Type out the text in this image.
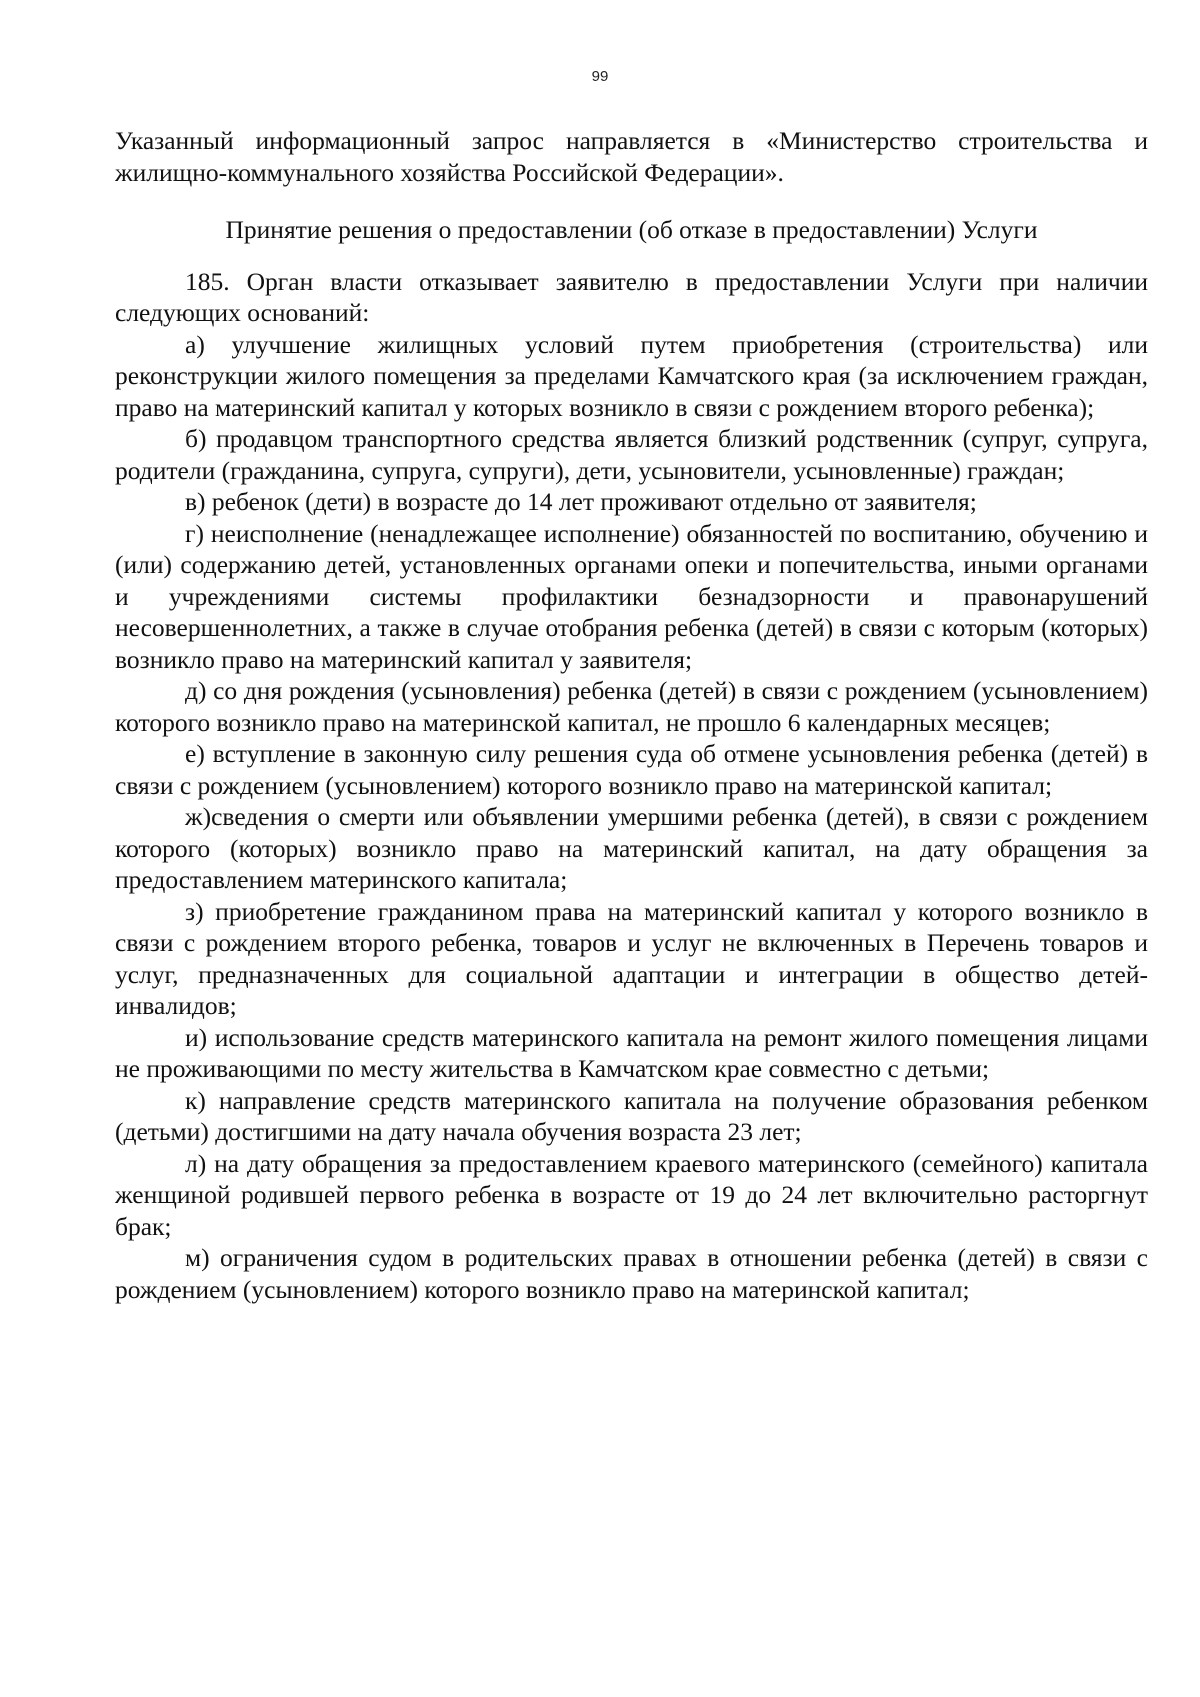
99

Указанный информационный запрос направляется в «Министерство строительства и жилищно-коммунального хозяйства Российской Федерации».

Принятие решения о предоставлении (об отказе в предоставлении) Услуги

185. Орган власти отказывает заявителю в предоставлении Услуги при наличии следующих оснований:

а) улучшение жилищных условий путем приобретения (строительства) или реконструкции жилого помещения за пределами Камчатского края (за исключением граждан, право на материнский капитал у которых возникло в связи с рождением второго ребенка);

б) продавцом транспортного средства является близкий родственник (супруг, супруга, родители (гражданина, супруга, супруги), дети, усыновители, усыновленные) граждан;

в) ребенок (дети) в возрасте до 14 лет проживают отдельно от заявителя;

г) неисполнение (ненадлежащее исполнение) обязанностей по воспитанию, обучению и (или) содержанию детей, установленных органами опеки и попечительства, иными органами и учреждениями системы профилактики безнадзорности и правонарушений несовершеннолетних, а также в случае отобрания ребенка (детей) в связи с которым (которых) возникло право на материнский капитал у заявителя;

д) со дня рождения (усыновления) ребенка (детей) в связи с рождением (усыновлением) которого возникло право на материнской капитал, не прошло 6 календарных месяцев;

е) вступление в законную силу решения суда об отмене усыновления ребенка (детей) в связи с рождением (усыновлением) которого возникло право на материнской капитал;

ж)сведения о смерти или объявлении умершими ребенка (детей), в связи с рождением которого (которых) возникло право на материнский капитал, на дату обращения за предоставлением материнского капитала;

з) приобретение гражданином права на материнский капитал у которого возникло в связи с рождением второго ребенка, товаров и услуг не включенных в Перечень товаров и услуг, предназначенных для социальной адаптации и интеграции в общество детей-инвалидов;

и) использование средств материнского капитала на ремонт жилого помещения лицами не проживающими по месту жительства в Камчатском крае совместно с детьми;

к) направление средств материнского капитала на получение образования ребенком (детьми) достигшими на дату начала обучения возраста 23 лет;

л) на дату обращения за предоставлением краевого материнского (семейного) капитала женщиной родившей первого ребенка в возрасте от 19 до 24 лет включительно расторгнут брак;

м) ограничения судом в родительских правах в отношении ребенка (детей) в связи с рождением (усыновлением) которого возникло право на материнской капитал;
